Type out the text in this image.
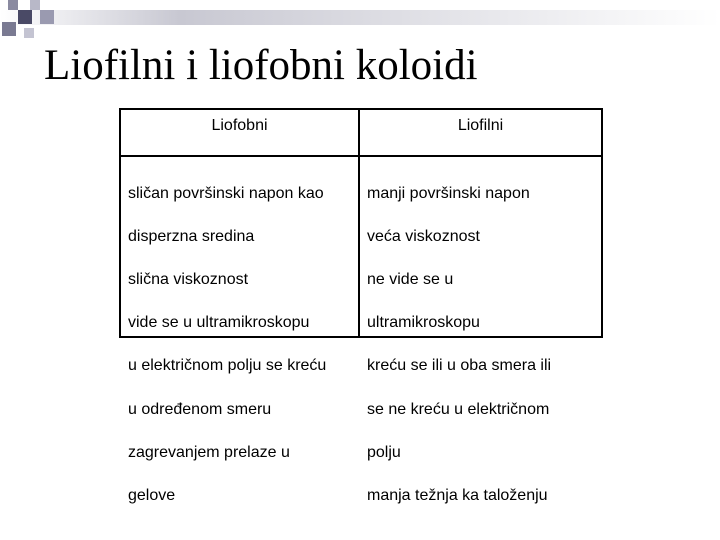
Liofilni i liofobni koloidi
Liofobni	Liofilni

sličan površinski napon kao

disperzna sredina

slična viskoznost

vide se u ultramikroskopu

u električnom polju se kreću

u određenom smeru

zagrevanjem prelaze u

gelove

manji površinski napon

veća viskoznost

ne vide se u

ultramikroskopu

kreću se ili u oba smera ili

se ne kreću u električnom

polju

manja težnja ka taloženju
